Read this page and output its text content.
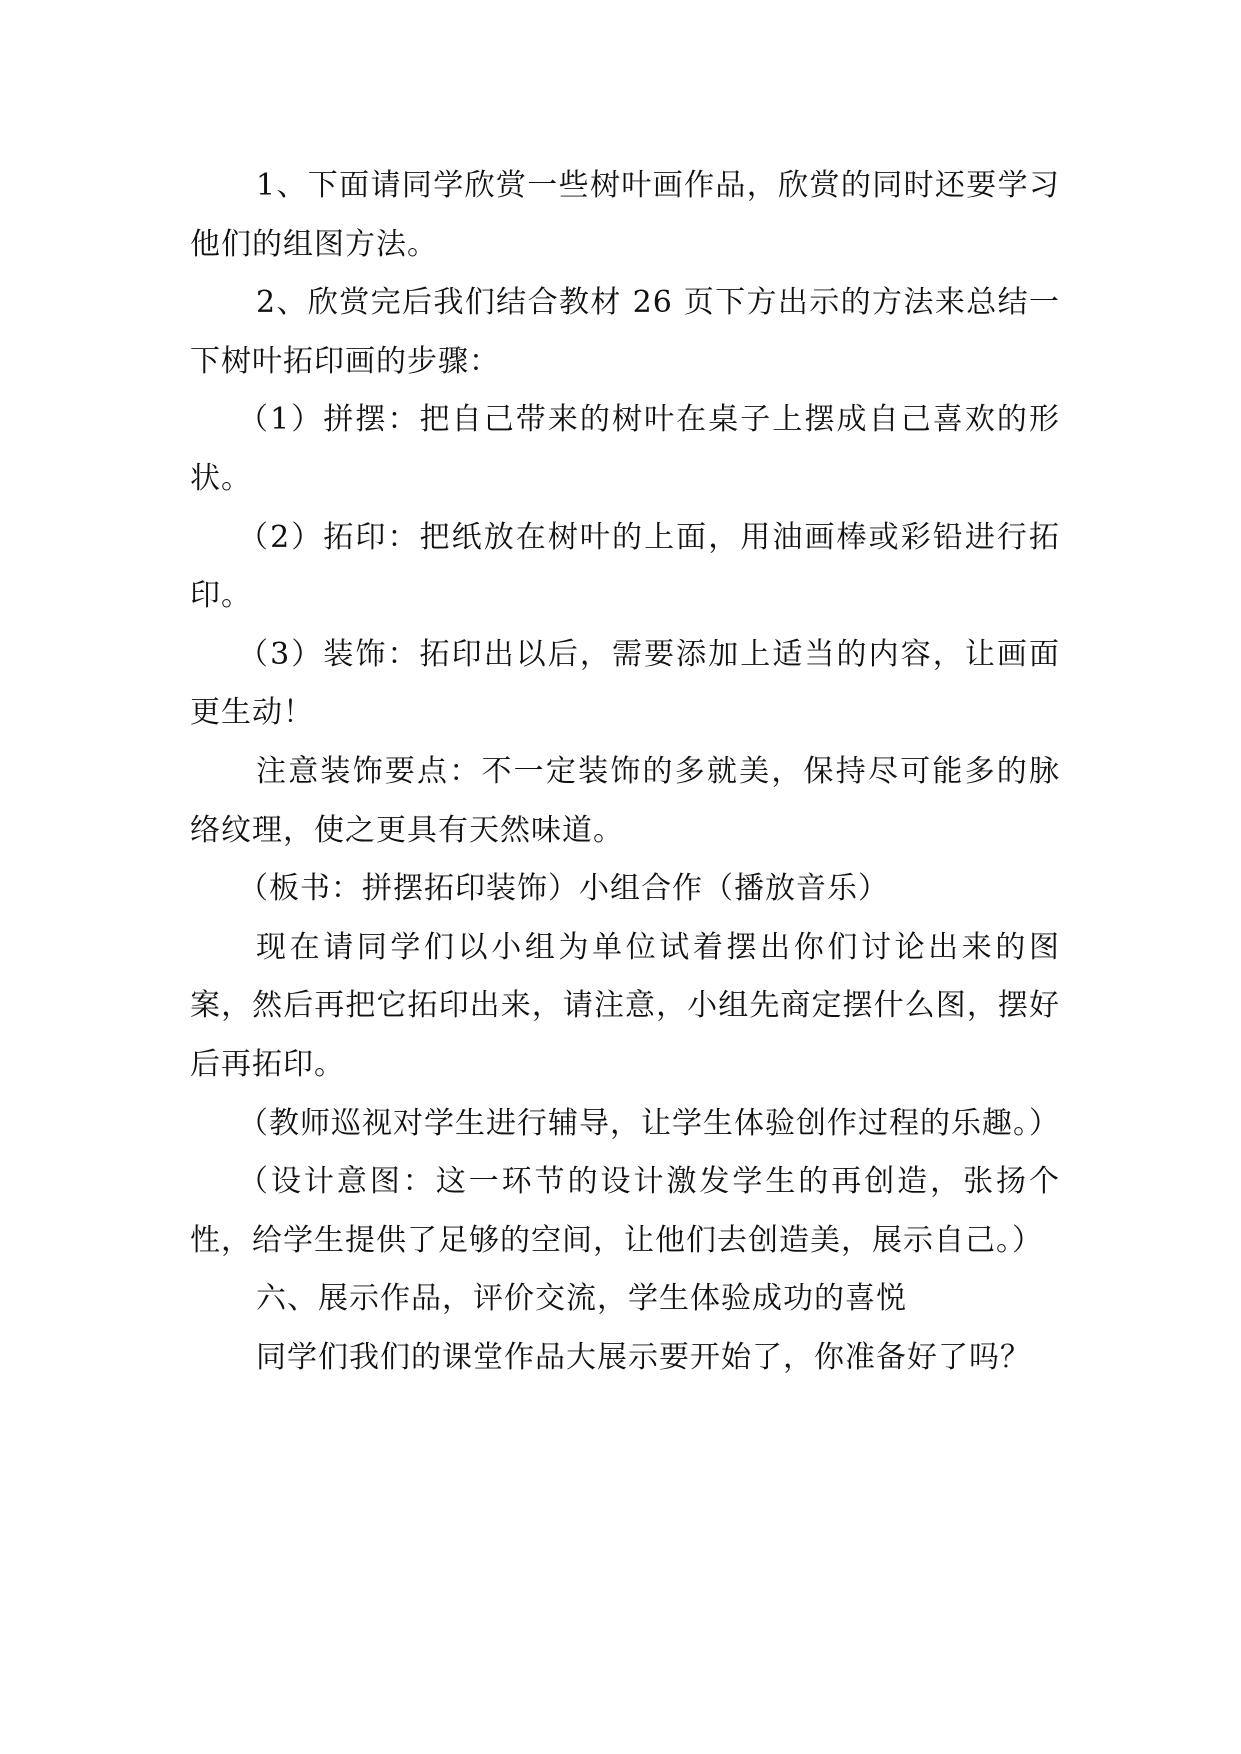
1、下面请同学欣赏一些树叶画作品，欣赏的同时还要学习他们的组图方法。

2、欣赏完后我们结合教材 26 页下方出示的方法来总结一下树叶拓印画的步骤：

（1）拼摆：把自己带来的树叶在桌子上摆成自己喜欢的形状。

（2）拓印：把纸放在树叶的上面，用油画棒或彩铅进行拓印。

（3）装饰：拓印出以后，需要添加上适当的内容，让画面更生动！

注意装饰要点：不一定装饰的多就美，保持尽可能多的脉络纹理，使之更具有天然味道。

（板书：拼摆拓印装饰）小组合作（播放音乐）

现在请同学们以小组为单位试着摆出你们讨论出来的图案，然后再把它拓印出来，请注意，小组先商定摆什么图，摆好后再拓印。

（教师巡视对学生进行辅导，让学生体验创作过程的乐趣。）

（设计意图：这一环节的设计激发学生的再创造，张扬个性，给学生提供了足够的空间，让他们去创造美，展示自己。）

六、展示作品，评价交流，学生体验成功的喜悦

同学们我们的课堂作品大展示要开始了，你准备好了吗？
